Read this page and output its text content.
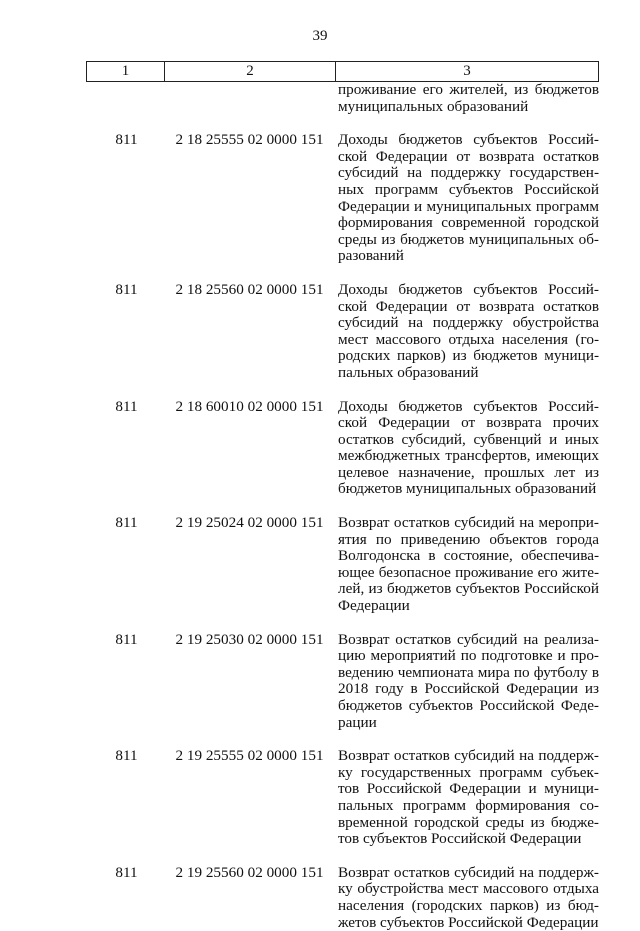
39
1	2	3
проживание его жителей, из бюджетов
муниципальных образований
811	2 18 25555 02 0000 151 Доходы бюджетов субъектов Россий-
ской Федерации от возврата остатков
субсидий на поддержку государствен-
ных программ субъектов Российской
Федерации и муниципальных программ
формирования современной городской
среды из бюджетов муниципальных об-
разований
811	2 18 25560 02 0000 151 Доходы бюджетов субъектов Россий-
ской Федерации от возврата остатков
субсидий на поддержку обустройства
мест массового отдыха населения (го-
родских парков) из бюджетов муници-
пальных образований
811	2 18 60010 02 0000 151 Доходы бюджетов субъектов Россий-
ской Федерации от возврата прочих
остатков субсидий, субвенций и иных
межбюджетных трансфертов, имеющих
целевое назначение, прошлых лет из
бюджетов муниципальных образований
811	2 19 25024 02 0000 151 Возврат остатков субсидий на меропри-
ятия по приведению объектов города
Волгодонска в состояние, обеспечива-
ющее безопасное проживание его жите-
лей, из бюджетов субъектов Российской
Федерации
811	2 19 25030 02 0000 151 Возврат остатков субсидий на реализа-
цию мероприятий по подготовке и про-
ведению чемпионата мира по футболу в
2018 году в Российской Федерации из
бюджетов субъектов Российской Феде-
рации
811	2 19 25555 02 0000 151 Возврат остатков субсидий на поддерж-
ку государственных программ субъек-
тов Российской Федерации и муници-
пальных программ формирования со-
временной городской среды из бюдже-
тов субъектов Российской Федерации
811	2 19 25560 02 0000 151 Возврат остатков субсидий на поддерж-
ку обустройства мест массового отдыха
населения (городских парков) из бюд-
жетов субъектов Российской Федерации
